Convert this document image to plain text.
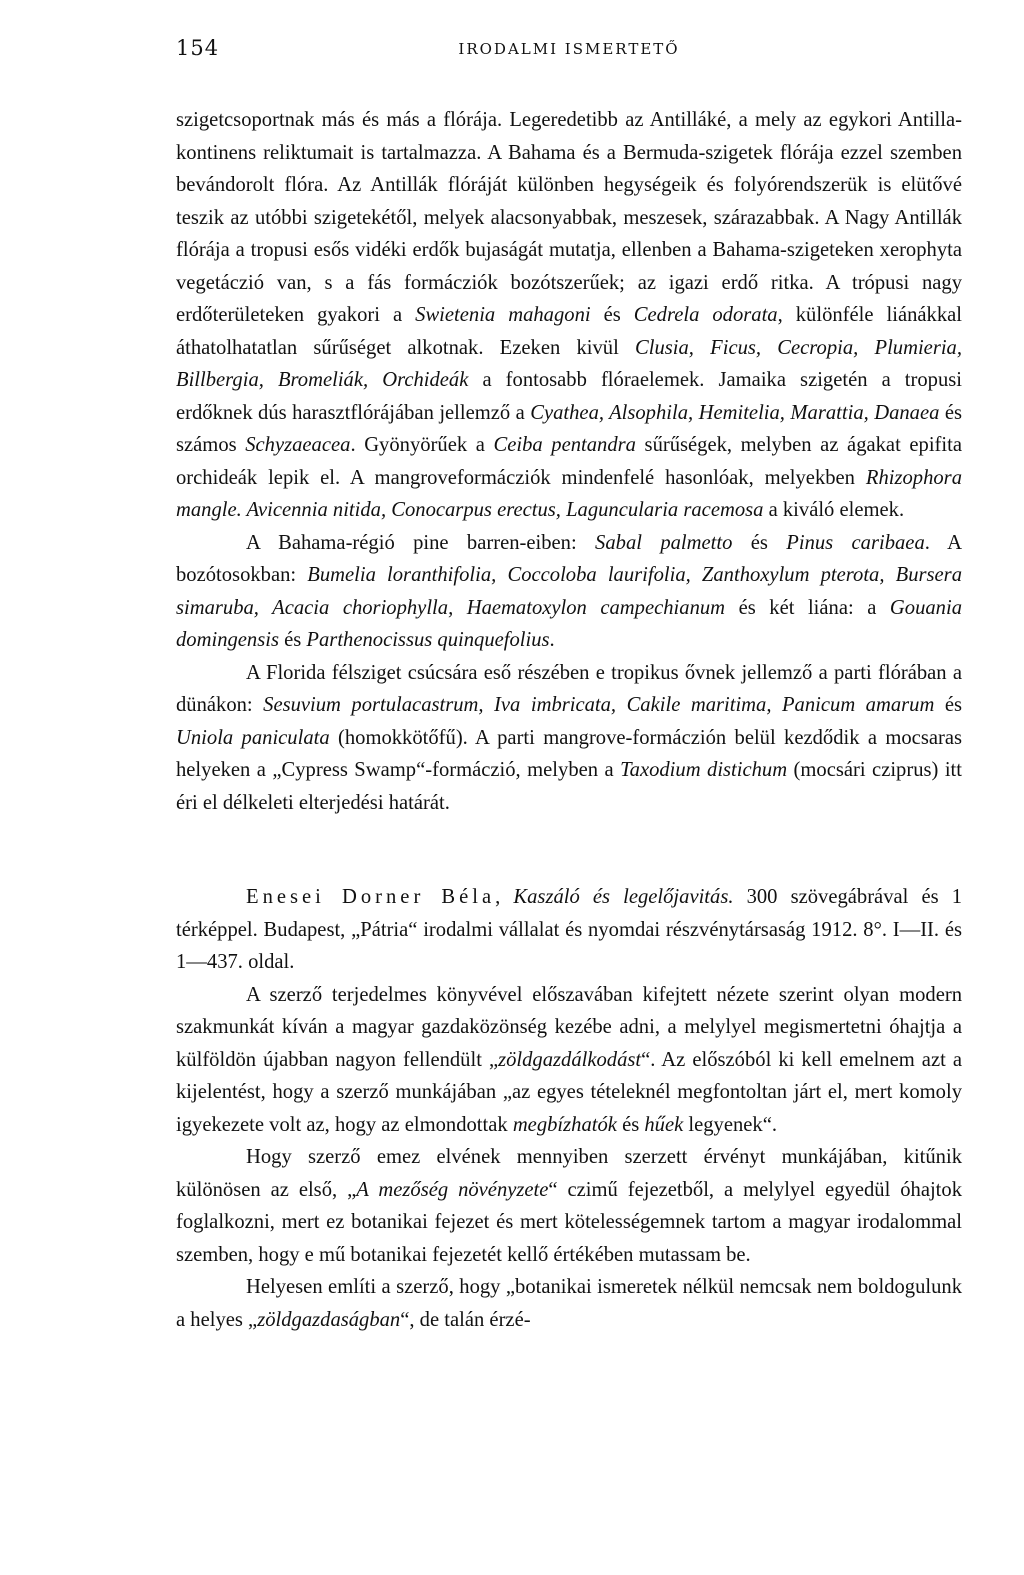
154	IRODALMI ISMERTETŐ

szigetcsoportnak más és más a flórája. Legeredetibb az Antilláké, a mely az egykori Antilla-kontinens reliktumait is tartalmazza. A Bahama és a Bermuda-szigetek flórája ezzel szemben bevándorolt flóra. Az Antillák flóráját különben hegységeik és folyórendszerük is elütővé teszik az utóbbi szigetekétől, melyek alacsonyabbak, meszesek, szárazabbak. A Nagy Antillák flórája a tropusi esős vidéki erdők bujaságát mutatja, ellenben a Bahama-szigeteken xerophyta vegetáczió van, s a fás formácziók bozótszerűek; az igazi erdő ritka. A trópusi nagy erdőterületeken gyakori a Swietenia mahagoni és Cedrela odorata, különféle liánákkal áthatolhatatlan sűrűséget alkotnak. Ezeken kivül Clusia, Ficus, Cecropia, Plumieria, Billbergia, Bromeliák, Orchideák a fontosabb flóraelemek. Jamaika szigetén a tropusi erdőknek dús harasztflórájában jellemző a Cyathea, Alsophila, Hemitelia, Marattia, Danaea és számos Schyzaeacea. Gyönyörűek a Ceiba pentandra sűrűségek, melyben az ágakat epifita orchideák lepik el. A mangroveformácziók mindenfelé hasonlóak, melyekben Rhizophora mangle. Avicennia nitida, Conocarpus erectus, Laguncularia racemosa a kiváló elemek.

A Bahama-régió pine barren-eiben: Sabal palmetto és Pinus caribaea. A bozótosokban: Bumelia loranthifolia, Coccoloba laurifolia, Zanthoxylum pterota, Bursera simaruba, Acacia choriophylla, Haematoxylon campechianum és két liána: a Gouania domingensis és Parthenocissus quinquefolius.

A Florida félsziget csúcsára eső részében e tropikus ővnek jellemző a parti flórában a dünákon: Sesuvium portulacastrum, Iva imbricata, Cakile maritima, Panicum amarum és Uniola paniculata (homokkötőfű). A parti mangrove-formáczión belül kezdődik a mocsaras helyeken a „Cypress Swamp“-formáczió, melyben a Taxodium distichum (mocsári cziprus) itt éri el délkeleti elterjedési határát.

Enesei Dorner Béla, Kaszáló és legelőjavitás. 300 szövegábrával és 1 térképpel. Budapest, „Pátria“ irodalmi vállalat és nyomdai részvénytársaság 1912. 8°. I—II. és 1—437. oldal.

A szerző terjedelmes könyvével előszavában kifejtett nézete szerint olyan modern szakmunkát kíván a magyar gazdaközönség kezébe adni, a melylyel megismertetni óhajtja a külföldön újabban nagyon fellendült „zöldgazdálkodást“. Az előszóból ki kell emelnem azt a kijelentést, hogy a szerző munkájában „az egyes tételeknél megfontoltan járt el, mert komoly igyekezete volt az, hogy az elmondottak megbízhatók és hűek legyenek“.

Hogy szerző emez elvének mennyiben szerzett érvényt munkájában, kitűnik különösen az első, „A mezőség növényzete“ czimű fejezetből, a melylyel egyedül óhajtok foglalkozni, mert ez botanikai fejezet és mert kötelességemnek tartom a magyar irodalommal szemben, hogy e mű botanikai fejezetét kellő értékében mutassam be.

Helyesen említi a szerző, hogy „botanikai ismeretek nélkül nemcsak nem boldogulunk a helyes „zöldgazdaságban“, de talán érzé-
